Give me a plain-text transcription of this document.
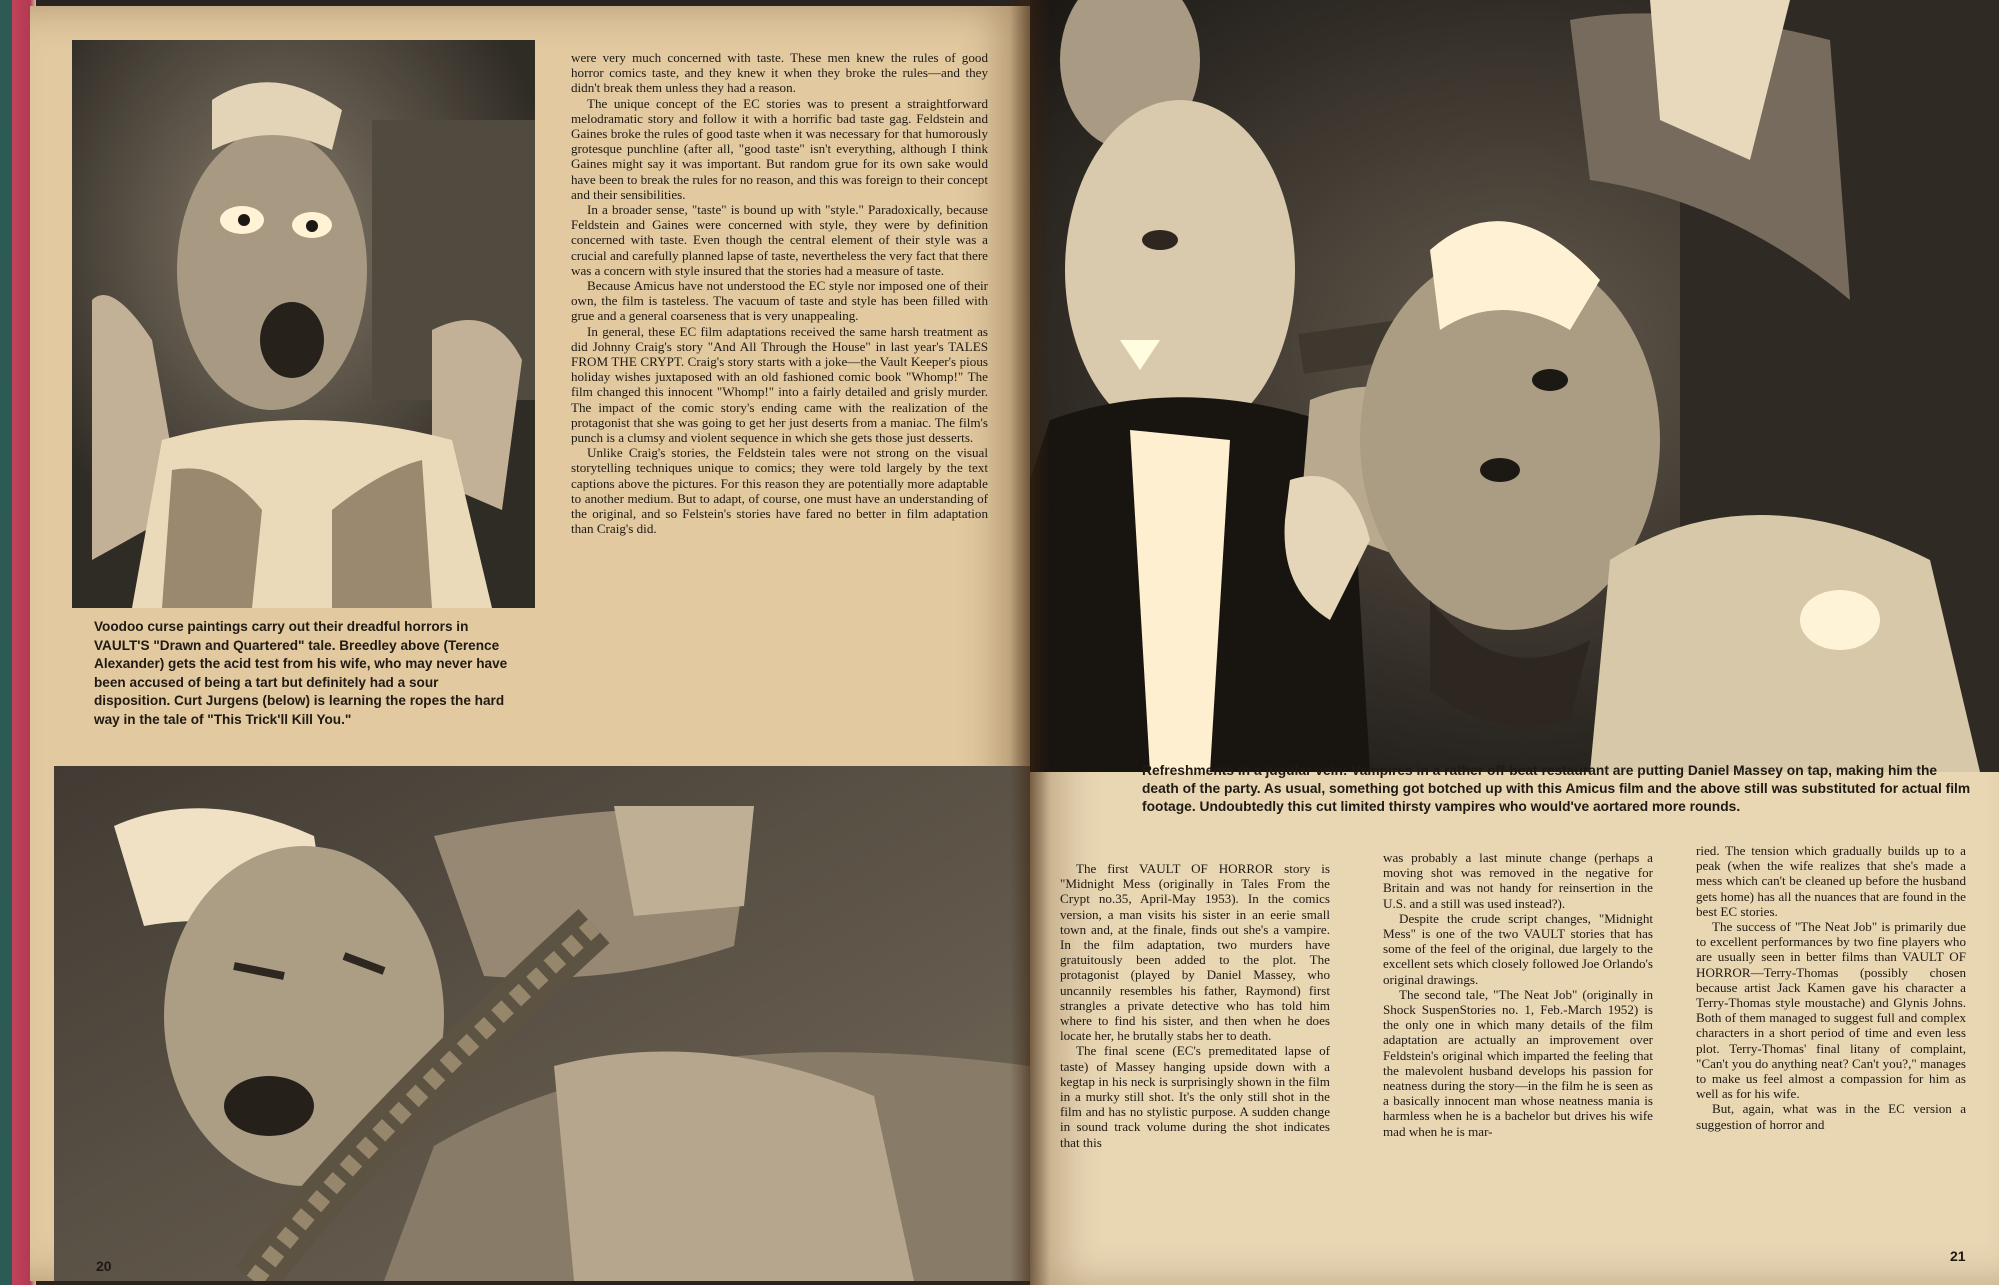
Voodoo curse paintings carry out their dreadful horrors in VAULT'S "Drawn and Quartered" tale. Breedley above (Terence Alexander) gets the acid test from his wife, who may never have been accused of being a tart but definitely had a sour disposition. Curt Jurgens (below) is learning the ropes the hard way in the tale of "This Trick'll Kill You."

were very much concerned with taste. These men knew the rules of good horror comics taste, and they knew it when they broke the rules—and they didn't break them unless they had a reason.

The unique concept of the EC stories was to present a straightforward melodramatic story and follow it with a horrific bad taste gag. Feldstein and Gaines broke the rules of good taste when it was necessary for that humorously grotesque punchline (after all, "good taste" isn't everything, although I think Gaines might say it was important. But random grue for its own sake would have been to break the rules for no reason, and this was foreign to their concept and their sensibilities.

In a broader sense, "taste" is bound up with "style." Paradoxically, because Feldstein and Gaines were concerned with style, they were by definition concerned with taste. Even though the central element of their style was a crucial and carefully planned lapse of taste, nevertheless the very fact that there was a concern with style insured that the stories had a measure of taste.

Because Amicus have not understood the EC style nor imposed one of their own, the film is tasteless. The vacuum of taste and style has been filled with grue and a general coarseness that is very unappealing.

In general, these EC film adaptations received the same harsh treatment as did Johnny Craig's story "And All Through the House" in last year's TALES FROM THE CRYPT. Craig's story starts with a joke—the Vault Keeper's pious holiday wishes juxtaposed with an old fashioned comic book "Whomp!" The film changed this innocent "Whomp!" into a fairly detailed and grisly murder. The impact of the comic story's ending came with the realization of the protagonist that she was going to get her just deserts from a maniac. The film's punch is a clumsy and violent sequence in which she gets those just desserts.

Unlike Craig's stories, the Feldstein tales were not strong on the visual storytelling techniques unique to comics; they were told largely by the text captions above the pictures. For this reason they are potentially more adaptable to another medium. But to adapt, of course, one must have an understanding of the original, and so Felstein's stories have fared no better in film adaptation than Craig's did.

20
Refreshments in a jugular vein: Vampires in a rather off-beat restaurant are putting Daniel Massey on tap, making him the death of the party. As usual, something got botched up with this Amicus film and the above still was substituted for actual film footage. Undoubtedly this cut limited thirsty vampires who would've aortared more rounds.

The first VAULT OF HORROR story is "Midnight Mess (originally in Tales From the Crypt no.35, April-May 1953). In the comics version, a man visits his sister in an eerie small town and, at the finale, finds out she's a vampire. In the film adaptation, two murders have gratuitously been added to the plot. The protagonist (played by Daniel Massey, who uncannily resembles his father, Raymond) first strangles a private detective who has told him where to find his sister, and then when he does locate her, he brutally stabs her to death.

The final scene (EC's premeditated lapse of taste) of Massey hanging upside down with a kegtap in his neck is surprisingly shown in the film in a murky still shot. It's the only still shot in the film and has no stylistic purpose. A sudden change in sound track volume during the shot indicates that this

was probably a last minute change (perhaps a moving shot was removed in the negative for Britain and was not handy for reinsertion in the U.S. and a still was used instead?).

Despite the crude script changes, "Midnight Mess" is one of the two VAULT stories that has some of the feel of the original, due largely to the excellent sets which closely followed Joe Orlando's original drawings.

The second tale, "The Neat Job" (originally in Shock SuspenStories no. 1, Feb.-March 1952) is the only one in which many details of the film adaptation are actually an improvement over Feldstein's original which imparted the feeling that the malevolent husband develops his passion for neatness during the story—in the film he is seen as a basically innocent man whose neatness mania is harmless when he is a bachelor but drives his wife mad when he is mar-

ried. The tension which gradually builds up to a peak (when the wife realizes that she's made a mess which can't be cleaned up before the husband gets home) has all the nuances that are found in the best EC stories.

The success of "The Neat Job" is primarily due to excellent performances by two fine players who are usually seen in better films than VAULT OF HORROR—Terry-Thomas (possibly chosen because artist Jack Kamen gave his character a Terry-Thomas style moustache) and Glynis Johns. Both of them managed to suggest full and complex characters in a short period of time and even less plot. Terry-Thomas' final litany of complaint, "Can't you do anything neat? Can't you?," manages to make us feel almost a compassion for him as well as for his wife.

But, again, what was in the EC version a suggestion of horror and

21
